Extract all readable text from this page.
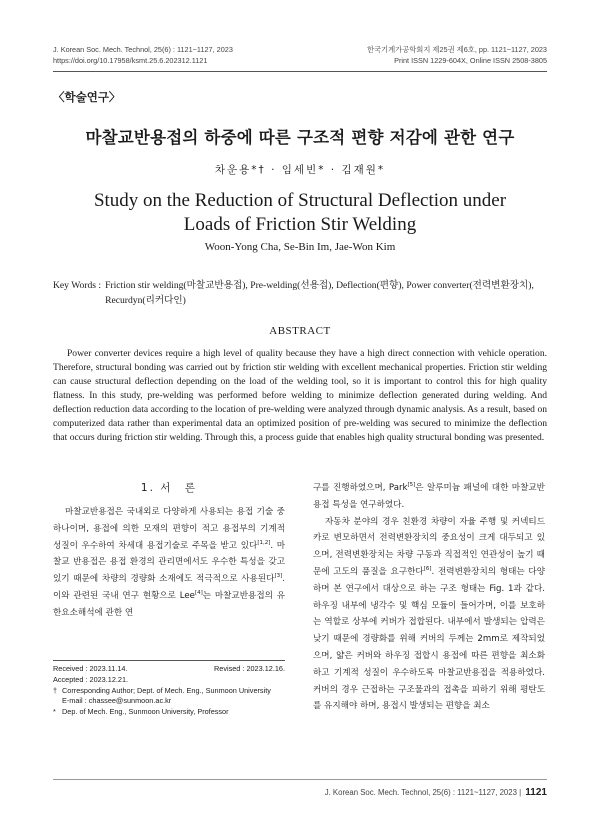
J. Korean Soc. Mech. Technol, 25(6) : 1121~1127, 2023	한국기계가공학회지 제25권 제6호, pp. 1121~1127, 2023
https://doi.org/10.17958/ksmt.25.6.202312.1121	Print ISSN 1229-604X, Online ISSN 2508-3805
〈학술연구〉
마찰교반용접의 하중에 따른 구조적 편향 저감에 관한 연구
차운용*† · 임세빈* · 김재원*
Study on the Reduction of Structural Deflection under
Loads of Friction Stir Welding
Woon-Yong Cha, Se-Bin Im, Jae-Won Kim
Key Words : Friction stir welding(마찰교반용접), Pre-welding(선용접), Deflection(편향), Power converter(전력변환장치), Recurdyn(리커다인)
ABSTRACT

Power converter devices require a high level of quality because they have a high direct connection with vehicle operation. Therefore, structural bonding was carried out by friction stir welding with excellent mechanical properties. Friction stir welding can cause structural deflection depending on the load of the welding tool, so it is important to control this for high quality flatness. In this study, pre-welding was performed before welding to minimize deflection generated during welding. And deflection reduction data according to the location of pre-welding were analyzed through dynamic analysis. As a result, based on computerized data rather than experimental data an optimized position of pre-welding was secured to minimize the deflection that occurs during friction stir welding. Through this, a process guide that enables high quality structural bonding was presented.

1. 서　론

마찰교반용접은 국내외로 다양하게 사용되는 용접 기술 중 하나이며, 용접에 의한 모재의 편향이 적고 용접부의 기계적 성질이 우수하여 차세대 용접기술로 주목을 받고 있다[1,2]. 마찰교 반용접은 용접 환경의 관리면에서도 우수한 특성을 갖고 있기 때문에 차량의 경량화 소재에도 적극적으로 사용된다[3]. 이와 관련된 국내 연구 현황으로 Lee[4]는 마찰교반용접의 유한요소해석에 관한 연

Received : 2023.11.14.	Revised : 2023.12.16.
Accepted : 2023.12.21.
† Corresponding Author; Dept. of Mech. Eng., Sunmoon University
E-mail : chassee@sunmoon.ac.kr
* Dep. of Mech. Eng., Sunmoon University, Professor

구를 진행하였으며, Park[5]은 알루미늄 패널에 대한 마찰교반용접 특성을 연구하였다.

자동차 분야의 경우 친환경 차량이 자율 주행 및 커넥티드 카로 변모하면서 전력변환장치의 중요성이 크게 대두되고 있으며, 전력변환장치는 차량 구동과 직접적인 연관성이 높기 때문에 고도의 품질을 요구한다[6]. 전력변환장치의 형태는 다양하며 본 연구에서 대상으로 하는 구조 형태는 Fig. 1과 같다. 하우징 내부에 냉각수 및 핵심 모듈이 들어가며, 이를 보호하는 역할로 상부에 커버가 접합된다. 내부에서 발생되는 압력은 낮기 때문에 경량화를 위해 커버의 두께는 2mm로 제작되었으며, 얇은 커버와 하우징 접합시 용접에 따른 편향을 최소화하고 기계적 성질이 우수하도록 마찰교반용접을 적용하였다. 커버의 경우 근접하는 구조물과의 접촉을 피하기 위해 평탄도를 유지해야 하며, 용접시 발생되는 편향을 최소

J. Korean Soc. Mech. Technol, 25(6) : 1121~1127, 2023 | 1121
